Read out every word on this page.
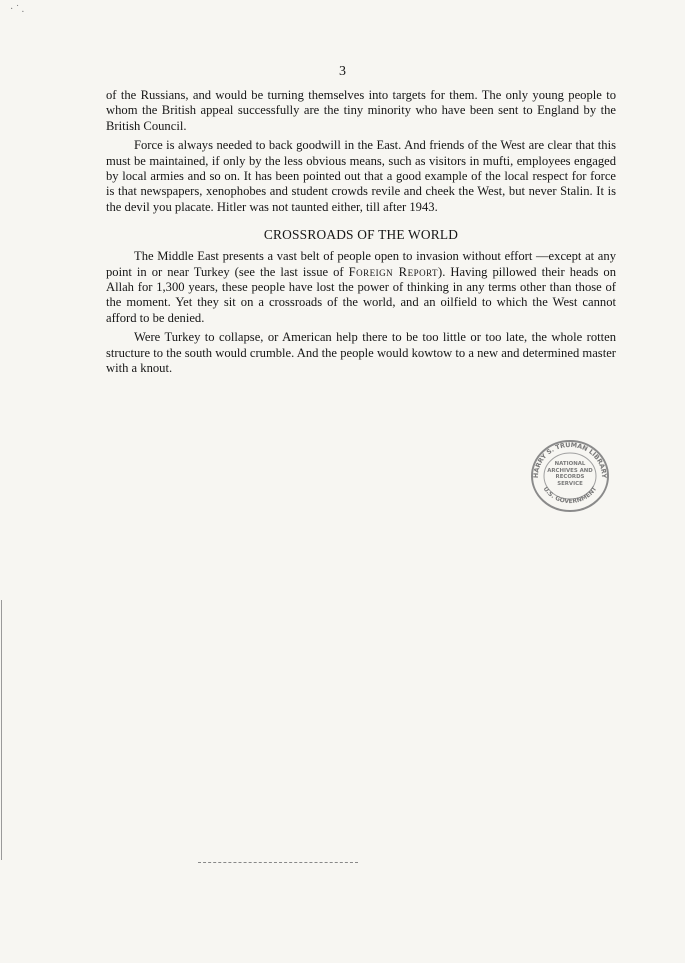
· ˙ .
3

of the Russians, and would be turning themselves into targets for them. The only young people to whom the British appeal successfully are the tiny minority who have been sent to England by the British Council.

Force is always needed to back goodwill in the East. And friends of the West are clear that this must be maintained, if only by the less obvious means, such as visitors in mufti, employees engaged by local armies and so on. It has been pointed out that a good example of the local respect for force is that newspapers, xenophobes and student crowds revile and cheek the West, but never Stalin. It is the devil you placate. Hitler was not taunted either, till after 1943.

CROSSROADS OF THE WORLD

The Middle East presents a vast belt of people open to invasion without effort —except at any point in or near Turkey (see the last issue of Foreign Report). Having pillowed their heads on Allah for 1,300 years, these people have lost the power of thinking in any terms other than those of the moment. Yet they sit on a crossroads of the world, and an oilfield to which the West cannot afford to be denied.

Were Turkey to collapse, or American help there to be too little or too late, the whole rotten structure to the south would crumble. And the people would kowtow to a new and determined master with a knout.

HARRY S. TRUMAN LIBRARY
U.S. GOVERNMENT
NATIONAL ARCHIVES AND RECORDS SERVICE
